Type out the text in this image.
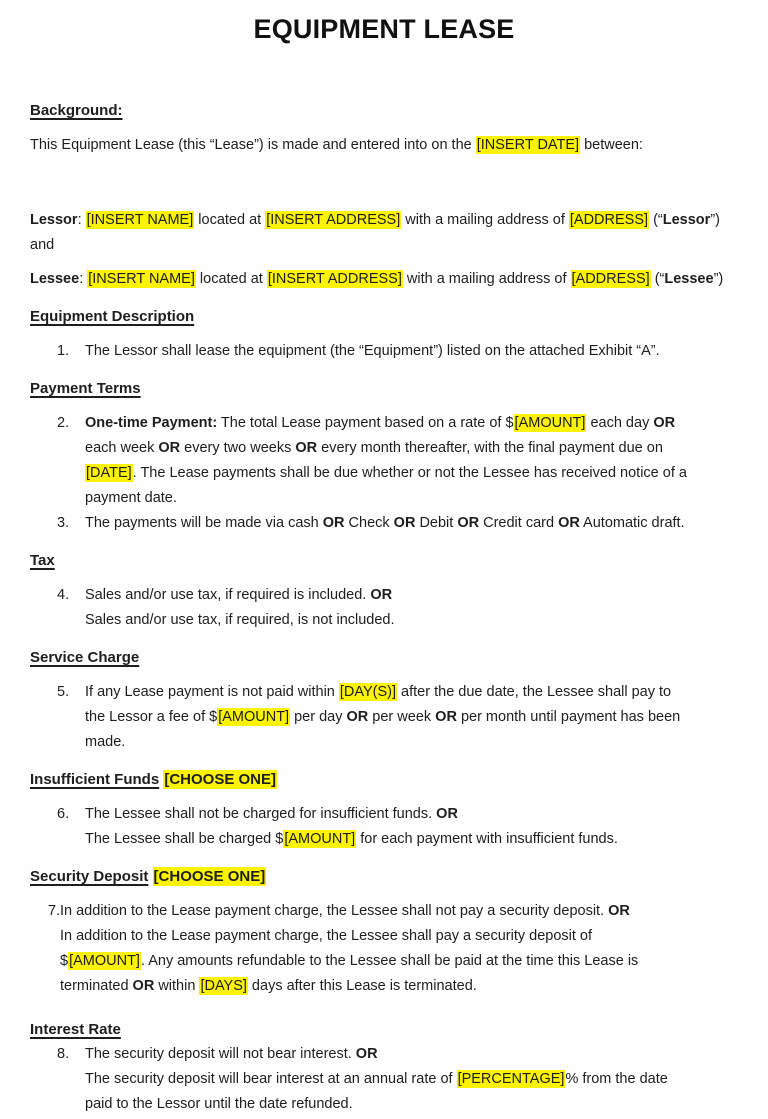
EQUIPMENT LEASE
Background:
This Equipment Lease (this “Lease”) is made and entered into on the [INSERT DATE] between:
Lessor: [INSERT NAME] located at [INSERT ADDRESS] with a mailing address of [ADDRESS] (“Lessor”)
and
Lessee: [INSERT NAME] located at [INSERT ADDRESS] with a mailing address of [ADDRESS] (“Lessee”)
Equipment Description
1. The Lessor shall lease the equipment (the “Equipment”) listed on the attached Exhibit “A”.
Payment Terms
2. One-time Payment: The total Lease payment based on a rate of $[AMOUNT] each day OR
each week OR every two weeks OR every month thereafter, with the final payment due on
[DATE]. The Lease payments shall be due whether or not the Lessee has received notice of a
payment date.
3. The payments will be made via cash OR Check OR Debit OR Credit card OR Automatic draft.
Tax
4. Sales and/or use tax, if required is included. OR
Sales and/or use tax, if required, is not included.
Service Charge
5. If any Lease payment is not paid within [DAY(S)] after the due date, the Lessee shall pay to
the Lessor a fee of $[AMOUNT] per day OR per week OR per month until payment has been
made.
Insufficient Funds [CHOOSE ONE]
6. The Lessee shall not be charged for insufficient funds. OR
The Lessee shall be charged $[AMOUNT] for each payment with insufficient funds.
Security Deposit [CHOOSE ONE]
7. In addition to the Lease payment charge, the Lessee shall not pay a security deposit. OR
In addition to the Lease payment charge, the Lessee shall pay a security deposit of
$[AMOUNT]. Any amounts refundable to the Lessee shall be paid at the time this Lease is
terminated OR within [DAYS] days after this Lease is terminated.
Interest Rate
8. The security deposit will not bear interest. OR
The security deposit will bear interest at an annual rate of [PERCENTAGE]% from the date
paid to the Lessor until the date refunded.
